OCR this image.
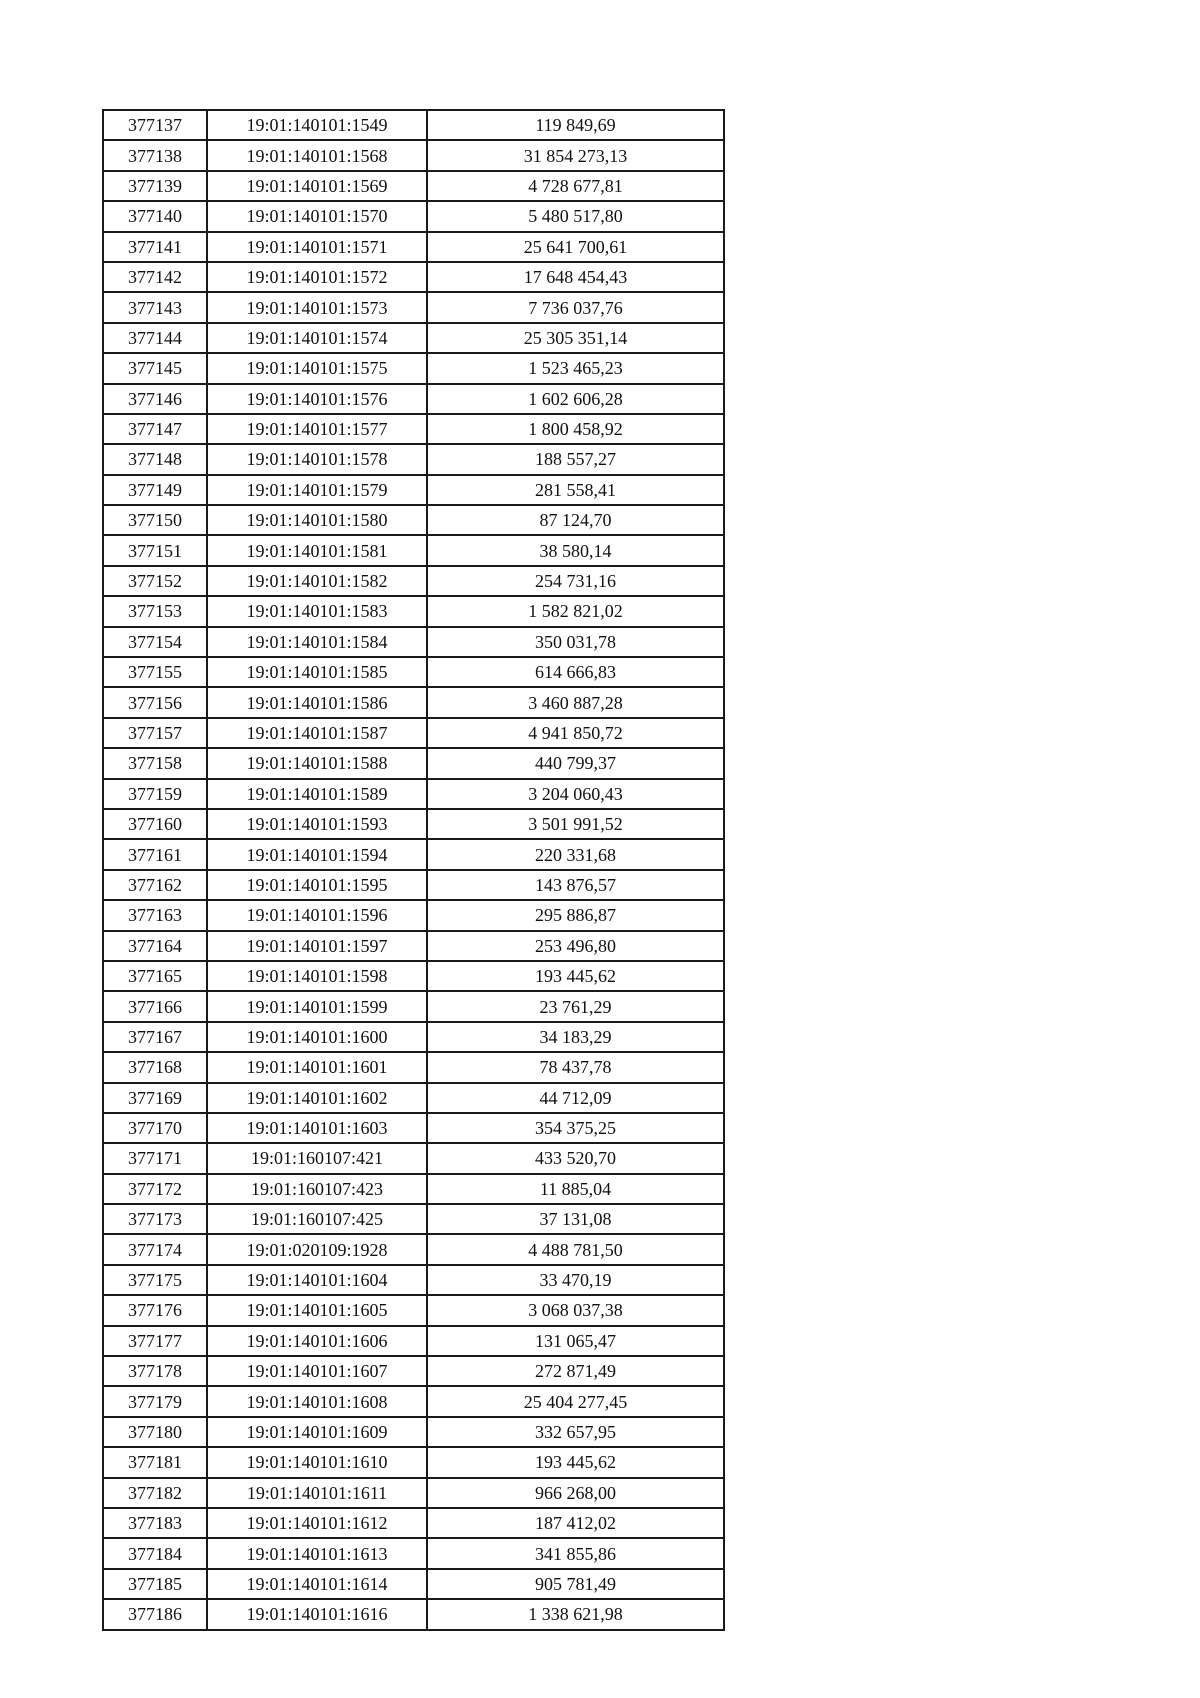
377137	19:01:140101:1549	119 849,69
377138	19:01:140101:1568	31 854 273,13
377139	19:01:140101:1569	4 728 677,81
377140	19:01:140101:1570	5 480 517,80
377141	19:01:140101:1571	25 641 700,61
377142	19:01:140101:1572	17 648 454,43
377143	19:01:140101:1573	7 736 037,76
377144	19:01:140101:1574	25 305 351,14
377145	19:01:140101:1575	1 523 465,23
377146	19:01:140101:1576	1 602 606,28
377147	19:01:140101:1577	1 800 458,92
377148	19:01:140101:1578	188 557,27
377149	19:01:140101:1579	281 558,41
377150	19:01:140101:1580	87 124,70
377151	19:01:140101:1581	38 580,14
377152	19:01:140101:1582	254 731,16
377153	19:01:140101:1583	1 582 821,02
377154	19:01:140101:1584	350 031,78
377155	19:01:140101:1585	614 666,83
377156	19:01:140101:1586	3 460 887,28
377157	19:01:140101:1587	4 941 850,72
377158	19:01:140101:1588	440 799,37
377159	19:01:140101:1589	3 204 060,43
377160	19:01:140101:1593	3 501 991,52
377161	19:01:140101:1594	220 331,68
377162	19:01:140101:1595	143 876,57
377163	19:01:140101:1596	295 886,87
377164	19:01:140101:1597	253 496,80
377165	19:01:140101:1598	193 445,62
377166	19:01:140101:1599	23 761,29
377167	19:01:140101:1600	34 183,29
377168	19:01:140101:1601	78 437,78
377169	19:01:140101:1602	44 712,09
377170	19:01:140101:1603	354 375,25
377171	19:01:160107:421	433 520,70
377172	19:01:160107:423	11 885,04
377173	19:01:160107:425	37 131,08
377174	19:01:020109:1928	4 488 781,50
377175	19:01:140101:1604	33 470,19
377176	19:01:140101:1605	3 068 037,38
377177	19:01:140101:1606	131 065,47
377178	19:01:140101:1607	272 871,49
377179	19:01:140101:1608	25 404 277,45
377180	19:01:140101:1609	332 657,95
377181	19:01:140101:1610	193 445,62
377182	19:01:140101:1611	966 268,00
377183	19:01:140101:1612	187 412,02
377184	19:01:140101:1613	341 855,86
377185	19:01:140101:1614	905 781,49
377186	19:01:140101:1616	1 338 621,98
